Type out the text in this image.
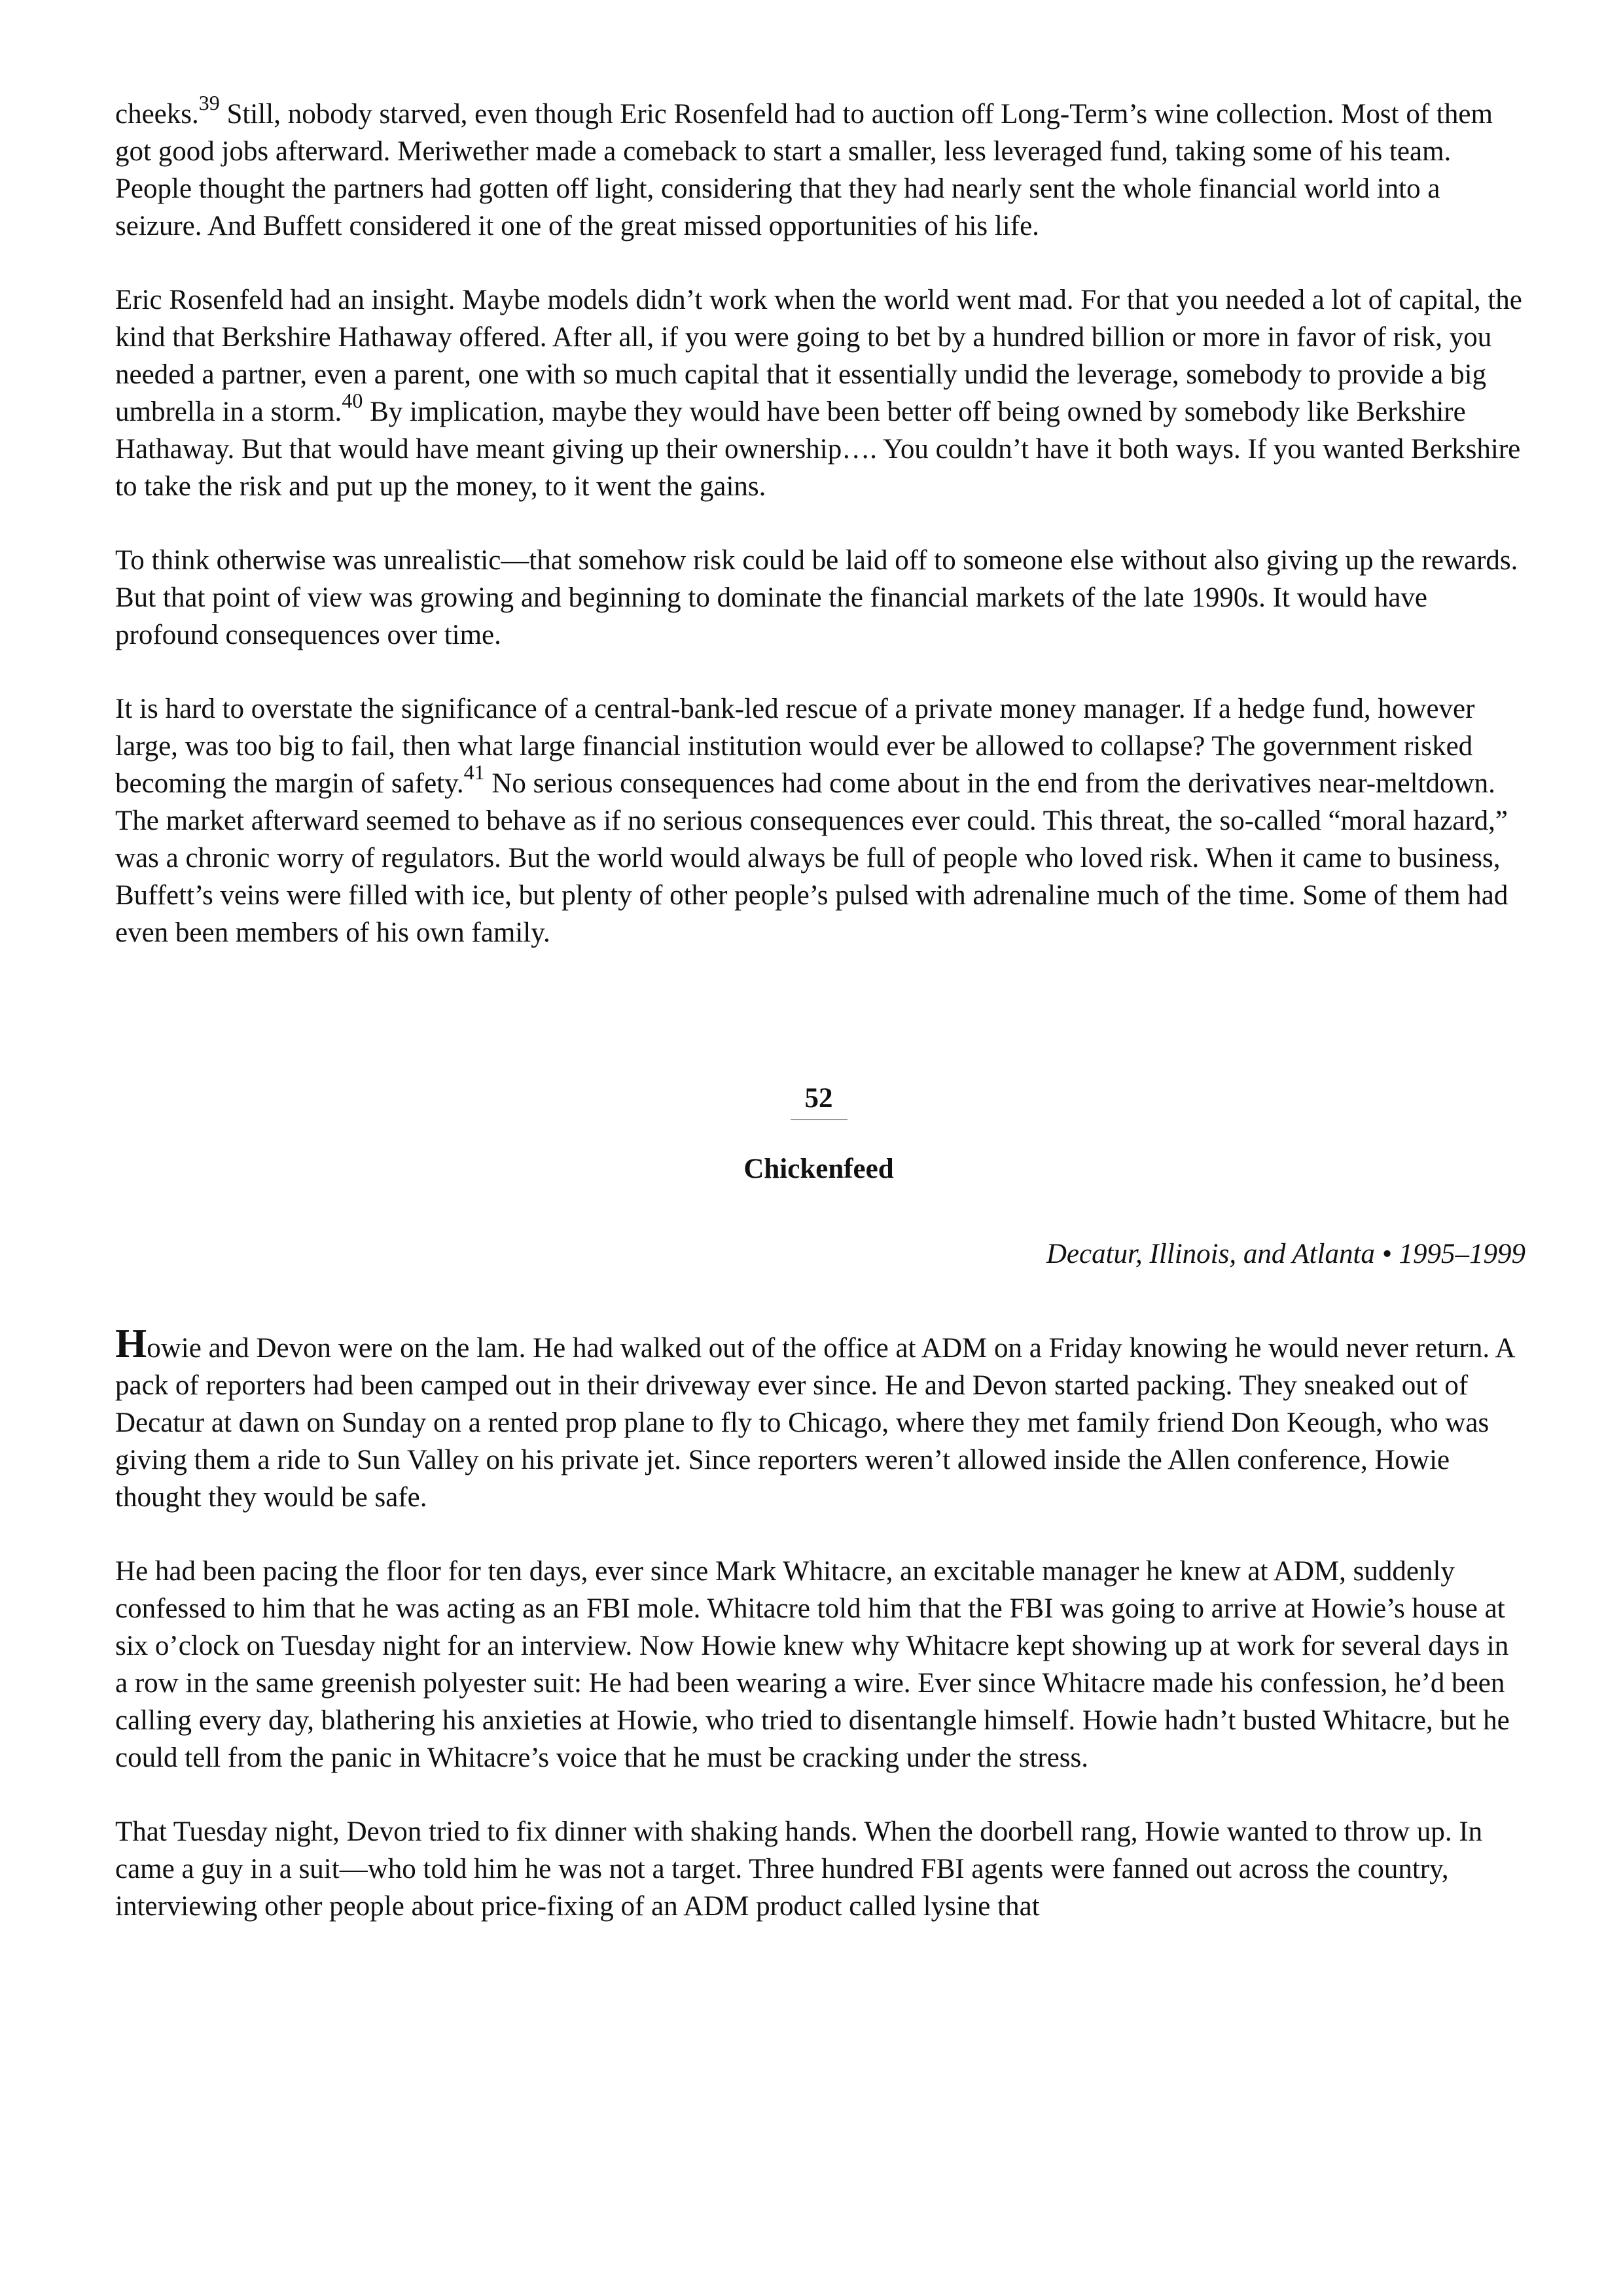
cheeks.$^{39}$ Still, nobody starved, even though Eric Rosenfeld had to auction off Long-Term’s wine collection. Most of them got good jobs afterward. Meriwether made a comeback to start a smaller, less leveraged fund, taking some of his team. People thought the partners had gotten off light, considering that they had nearly sent the whole financial world into a seizure. And Buffett considered it one of the great missed opportunities of his life.

Eric Rosenfeld had an insight. Maybe models didn’t work when the world went mad. For that you needed a lot of capital, the kind that Berkshire Hathaway offered. After all, if you were going to bet by a hundred billion or more in favor of risk, you needed a partner, even a parent, one with so much capital that it essentially undid the leverage, somebody to provide a big umbrella in a storm.$^{40}$ By implication, maybe they would have been better off being owned by somebody like Berkshire Hathaway. But that would have meant giving up their ownership…. You couldn’t have it both ways. If you wanted Berkshire to take the risk and put up the money, to it went the gains.

To think otherwise was unrealistic—that somehow risk could be laid off to someone else without also giving up the rewards. But that point of view was growing and beginning to dominate the financial markets of the late 1990s. It would have profound consequences over time.

It is hard to overstate the significance of a central-bank-led rescue of a private money manager. If a hedge fund, however large, was too big to fail, then what large financial institution would ever be allowed to collapse? The government risked becoming the margin of safety.$^{41}$ No serious consequences had come about in the end from the derivatives near-meltdown. The market afterward seemed to behave as if no serious consequences ever could. This threat, the so-called “moral hazard,” was a chronic worry of regulators. But the world would always be full of people who loved risk. When it came to business, Buffett’s veins were filled with ice, but plenty of other people’s pulsed with adrenaline much of the time. Some of them had even been members of his own family.

52
Chickenfeed
Decatur, Illinois, and Atlanta • 1995–1999

Howie and Devon were on the lam. He had walked out of the office at ADM on a Friday knowing he would never return. A pack of reporters had been camped out in their driveway ever since. He and Devon started packing. They sneaked out of Decatur at dawn on Sunday on a rented prop plane to fly to Chicago, where they met family friend Don Keough, who was giving them a ride to Sun Valley on his private jet. Since reporters weren’t allowed inside the Allen conference, Howie thought they would be safe.

He had been pacing the floor for ten days, ever since Mark Whitacre, an excitable manager he knew at ADM, suddenly confessed to him that he was acting as an FBI mole. Whitacre told him that the FBI was going to arrive at Howie’s house at six o’clock on Tuesday night for an interview. Now Howie knew why Whitacre kept showing up at work for several days in a row in the same greenish polyester suit: He had been wearing a wire. Ever since Whitacre made his confession, he’d been calling every day, blathering his anxieties at Howie, who tried to disentangle himself. Howie hadn’t busted Whitacre, but he could tell from the panic in Whitacre’s voice that he must be cracking under the stress.

That Tuesday night, Devon tried to fix dinner with shaking hands. When the doorbell rang, Howie wanted to throw up. In came a guy in a suit—who told him he was not a target. Three hundred FBI agents were fanned out across the country, interviewing other people about price-fixing of an ADM product called lysine that
